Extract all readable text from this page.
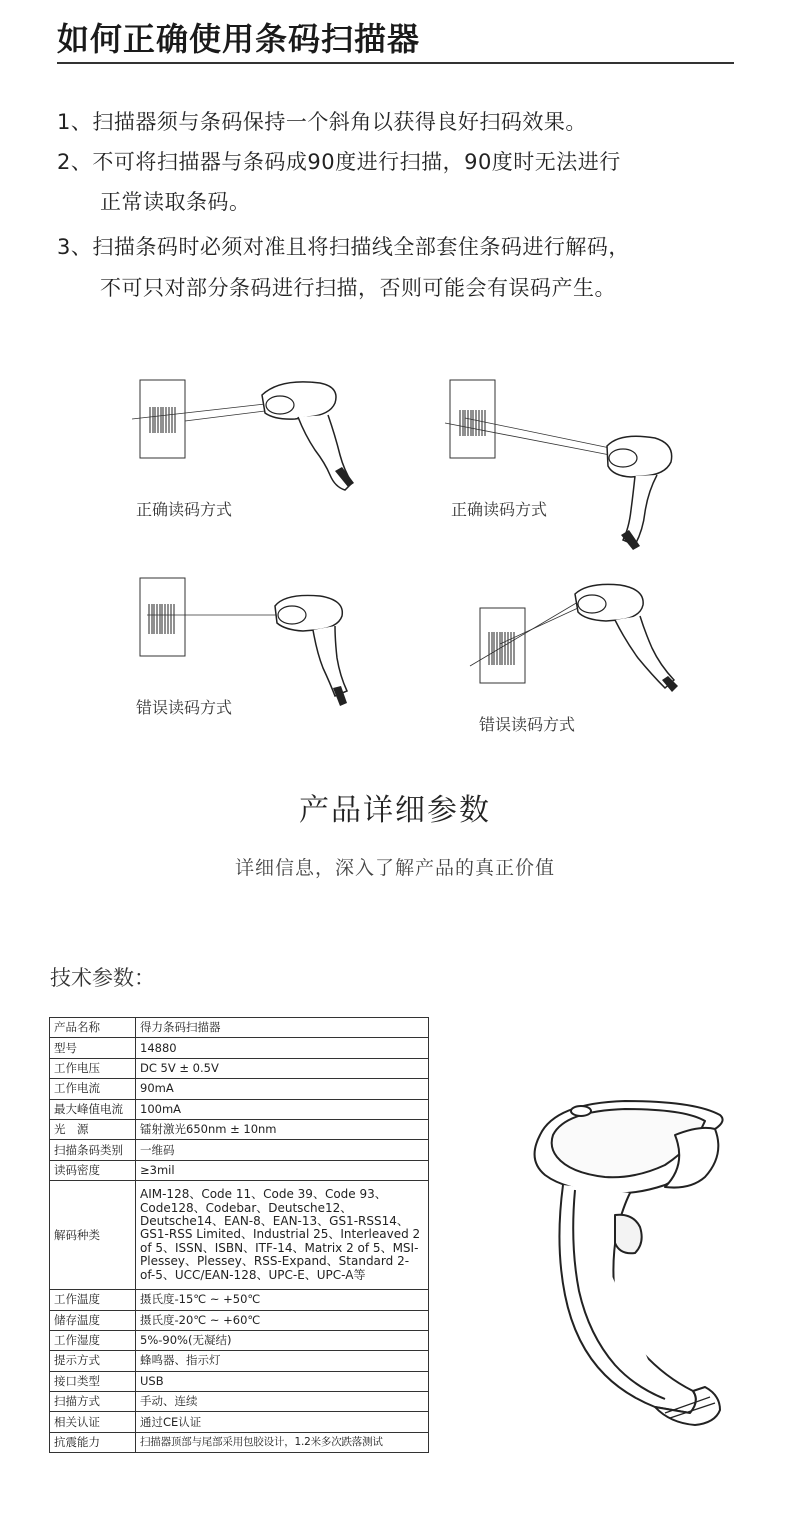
如何正确使用条码扫描器
1、扫描器须与条码保持一个斜角以获得良好扫码效果。
2、不可将扫描器与条码成90度进行扫描，90度时无法进行
正常读取条码。
3、扫描条码时必须对准且将扫描线全部套住条码进行解码，
不可只对部分条码进行扫描，否则可能会有误码产生。
正确读码方式	正确读码方式
错误读码方式
错误读码方式
产品详细参数
详细信息，深入了解产品的真正价值
技术参数：
产品名称	得力条码扫描器
型号	14880
工作电压	DC 5V ± 0.5V
工作电流	90mA
最大峰值电流	100mA
光　源	镭射激光650nm ± 10nm
扫描条码类别	一维码
读码密度	≥3mil
解码种类	AIM-128、Code 11、Code 39、Code 93、Code128、Codebar、Deutsche12、Deutsche14、EAN-8、EAN-13、GS1-RSS14、GS1-RSS Limited、Industrial 25、Interleaved 2 of 5、ISSN、ISBN、ITF-14、Matrix 2 of 5、MSI-Plessey、Plessey、RSS-Expand、Standard 2-of-5、UCC/EAN-128、UPC-E、UPC-A等
工作温度	摄氏度-15℃ ~ +50℃
储存温度	摄氏度-20℃ ~ +60℃
工作湿度	5%-90%(无凝结)
提示方式	蜂鸣器、指示灯
接口类型	USB
扫描方式	手动、连续
相关认证	通过CE认证
抗震能力	扫描器顶部与尾部采用包胶设计，1.2米多次跌落测试
